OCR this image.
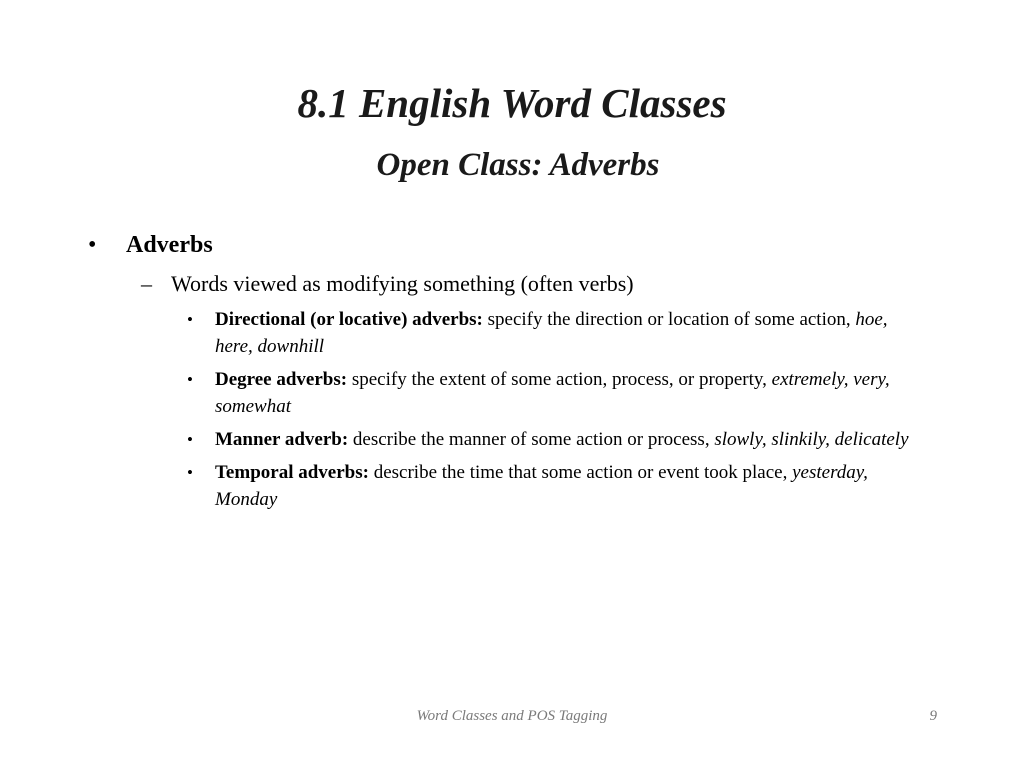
8.1 English Word Classes
Open Class: Adverbs
• Adverbs
– Words viewed as modifying something (often verbs)
• Directional (or locative) adverbs: specify the direction or location of some action, hoe, here, downhill
• Degree adverbs: specify the extent of some action, process, or property, extremely, very, somewhat
• Manner adverb: describe the manner of some action or process, slowly, slinkily, delicately
• Temporal adverbs: describe the time that some action or event took place, yesterday, Monday
Word Classes and POS Tagging	9
